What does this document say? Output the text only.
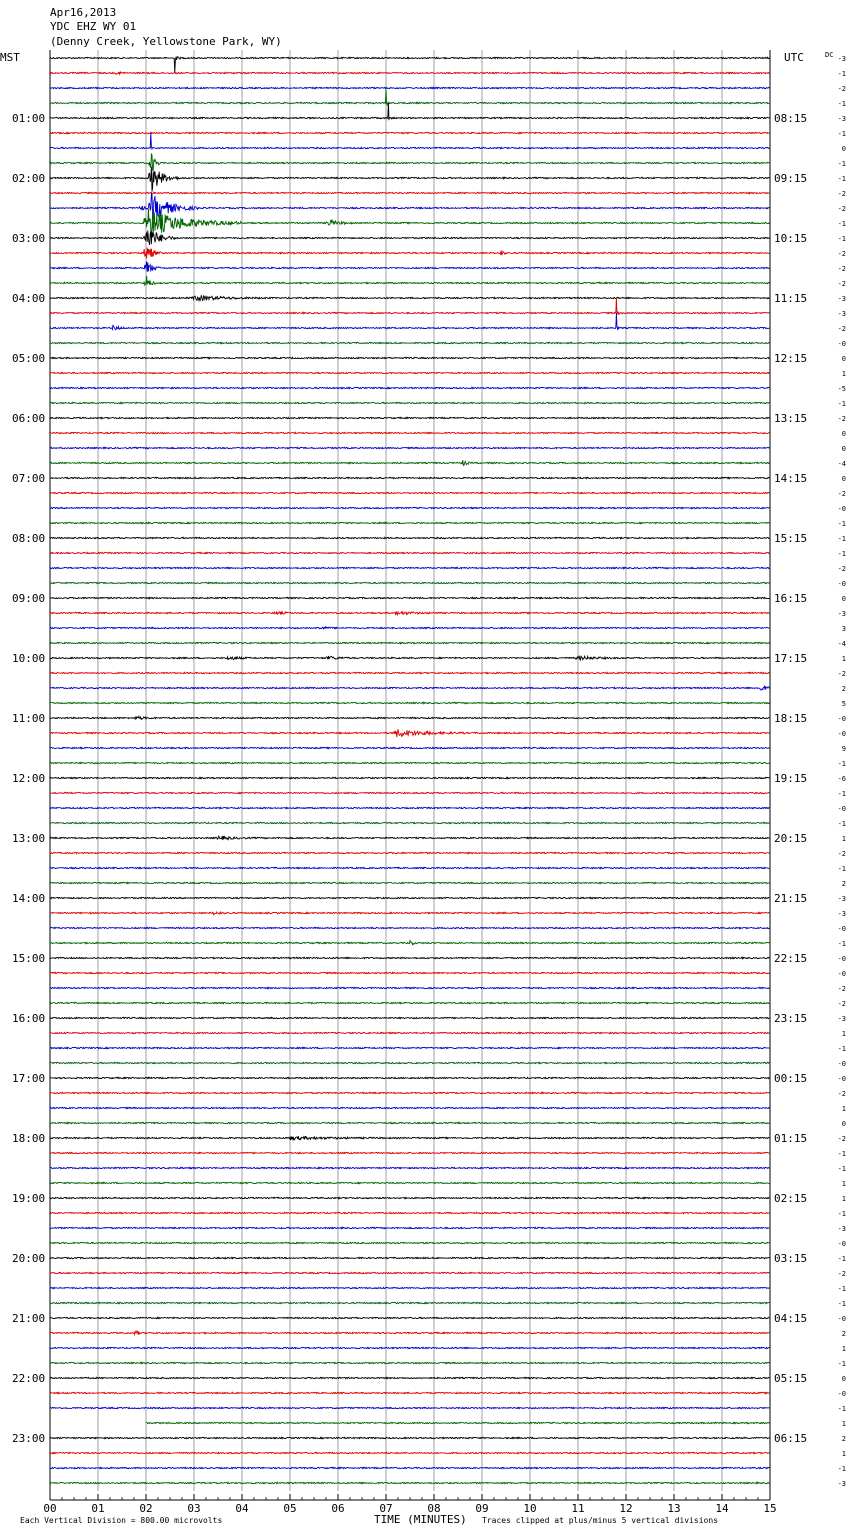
Apr16,2013
YDC EHZ WY 01
(Denny Creek, Yellowstone Park, WY)
MST	UTC	DC
01:00
02:00
03:00
04:00
05:00
06:00
07:00
08:00
09:00
10:00
11:00
12:00
13:00
14:00
15:00
16:00
17:00
18:00
19:00
20:00
21:00
22:00
23:00
08:15
09:15
10:15
11:15
12:15
13:15
14:15
15:15
16:15
17:15
18:15
19:15
20:15
21:15
22:15
23:15
00:15
01:15
02:15
03:15
04:15
05:15
06:15
-3
-1
-2
-1
-3
-1
0
-1
-1
-2
-2
-1
-1
-2
-2
-2
-3
-3
-2
-0
0
1
-5
-1
-2
0
0
-4
0
-2
-0
-1
-1
-1
-2
-0
0
-3
3
-4
1
-2
2
5
-0
-0
9
-1
-6
-1
-0
-1
1
-2
-1
2
-3
-3
-0
-1
-0
-0
-2
-2
-3
1
-1
-0
-0
-2
1
0
-2
-1
-1
1
1
-1
-3
-0
-1
-2
-1
-1
-0
2
1
-1
0
-0
-1
1
2
1
-1
-3
00	01	02	03	04	05	06	07	08	09	10	11	12	13	14	15
TIME (MINUTES)
Each Vertical Division = 800.00 microvolts	Traces clipped at plus/minus 5 vertical divisions
